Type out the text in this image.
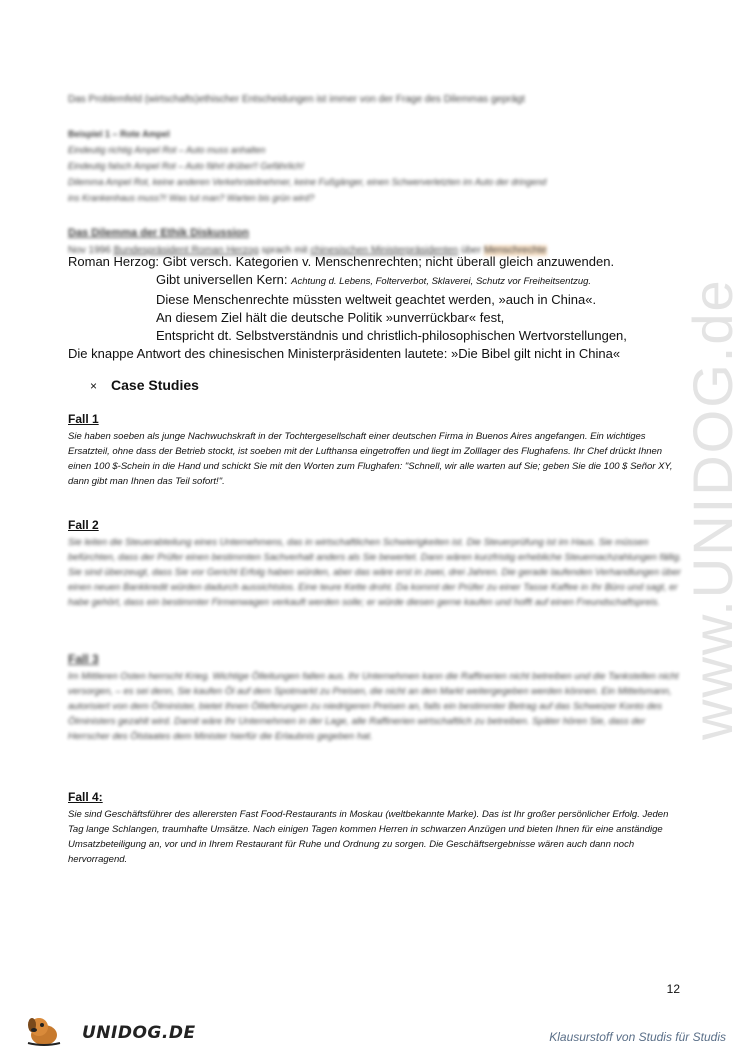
www.UNIDOG.de
Das Problemfeld (wirtschafts)ethischer Entscheidungen ist immer von der Frage des Dilemmas geprägt
Beispiel 1 – Rote Ampel
Eindeutig richtig Ampel Rot – Auto muss anhalten
Eindeutig falsch Ampel Rot – Auto fährt drüber!! Gefährlich!
Dilemma Ampel Rot, keine anderen Verkehrsteilnehmer, keine Fußgänger, einen Schwerverletzten im Auto der dringend
ins Krankenhaus muss?! Was tut man? Warten bis grün wird?
Das Dilemma der Ethik Diskussion
Nov 1996 Bundespräsident Roman Herzog sprach mit chinesischen Ministerpräsidenten über Menschrechte
Roman Herzog: Gibt versch. Kategorien v. Menschenrechten; nicht überall gleich anzuwenden.
Gibt universellen Kern: Achtung d. Lebens, Folterverbot, Sklaverei, Schutz vor Freiheitsentzug.
Diese Menschenrechte müssten weltweit geachtet werden, »auch in China«.
An diesem Ziel hält die deutsche Politik »unverrückbar« fest,
Entspricht dt. Selbstverständnis und christlich-philosophischen Wertvorstellungen,
Die knappe Antwort des chinesischen Ministerpräsidenten lautete: »Die Bibel gilt nicht in China«
× Case Studies
Fall 1
Sie haben soeben als junge Nachwuchskraft in der Tochtergesellschaft einer deutschen Firma in Buenos Aires angefangen. Ein wichtiges Ersatzteil, ohne dass der Betrieb stockt, ist soeben mit der Lufthansa eingetroffen und liegt im Zolllager des Flughafens. Ihr Chef drückt Ihnen einen 100 $-Schein in die Hand und schickt Sie mit den Worten zum Flughafen: "Schnell, wir alle warten auf Sie; geben Sie die 100 $ Señor XY, dann gibt man Ihnen das Teil sofort!".
Fall 2
Sie leiten die Steuerabteilung eines Unternehmens, das in wirtschaftlichen Schwierigkeiten ist. Die Steuerprüfung ist im Haus. Sie müssen befürchten, dass der Prüfer einen bestimmten Sachverhalt anders als Sie bewertet. Dann wären kurzfristig erhebliche Steuernachzahlungen fällig. Sie sind überzeugt, dass Sie vor Gericht Erfolg haben würden, aber das wäre erst in zwei, drei Jahren. Die gerade laufenden Verhandlungen über einen neuen Bankkredit würden dadurch aussichtslos. Eine teure Kette droht. Da kommt der Prüfer zu einer Tasse Kaffee in Ihr Büro und sagt, er habe gehört, dass ein bestimmter Firmenwagen verkauft werden solle; er würde diesen gerne kaufen und hofft auf einen Freundschaftspreis.
Fall 3
Im Mittleren Osten herrscht Krieg. Wichtige Ölleitungen fallen aus. Ihr Unternehmen kann die Raffinerien nicht betreiben und die Tankstellen nicht versorgen, – es sei denn, Sie kaufen Öl auf dem Spotmarkt zu Preisen, die nicht an den Markt weitergegeben werden können. Ein Mittelsmann, autorisiert von dem Ölminister, bietet Ihnen Öllieferungen zu niedrigeren Preisen an, falls ein bestimmter Betrag auf das Schweizer Konto des Ölministers gezahlt wird. Damit wäre Ihr Unternehmen in der Lage, alle Raffinerien wirtschaftlich zu betreiben. Später hören Sie, dass der Herrscher des Ölstaates dem Minister hierfür die Erlaubnis gegeben hat.
Fall 4:
Sie sind Geschäftsführer des allerersten Fast Food-Restaurants in Moskau (weltbekannte Marke). Das ist Ihr großer persönlicher Erfolg. Jeden Tag lange Schlangen, traumhafte Umsätze. Nach einigen Tagen kommen Herren in schwarzen Anzügen und bieten Ihnen für eine anständige Umsatzbeteiligung an, vor und in Ihrem Restaurant für Ruhe und Ordnung zu sorgen. Die Geschäftsergebnisse wären auch dann noch hervorragend.
12
UNIDOG.DE	Klausurstoff von Studis für Studis
